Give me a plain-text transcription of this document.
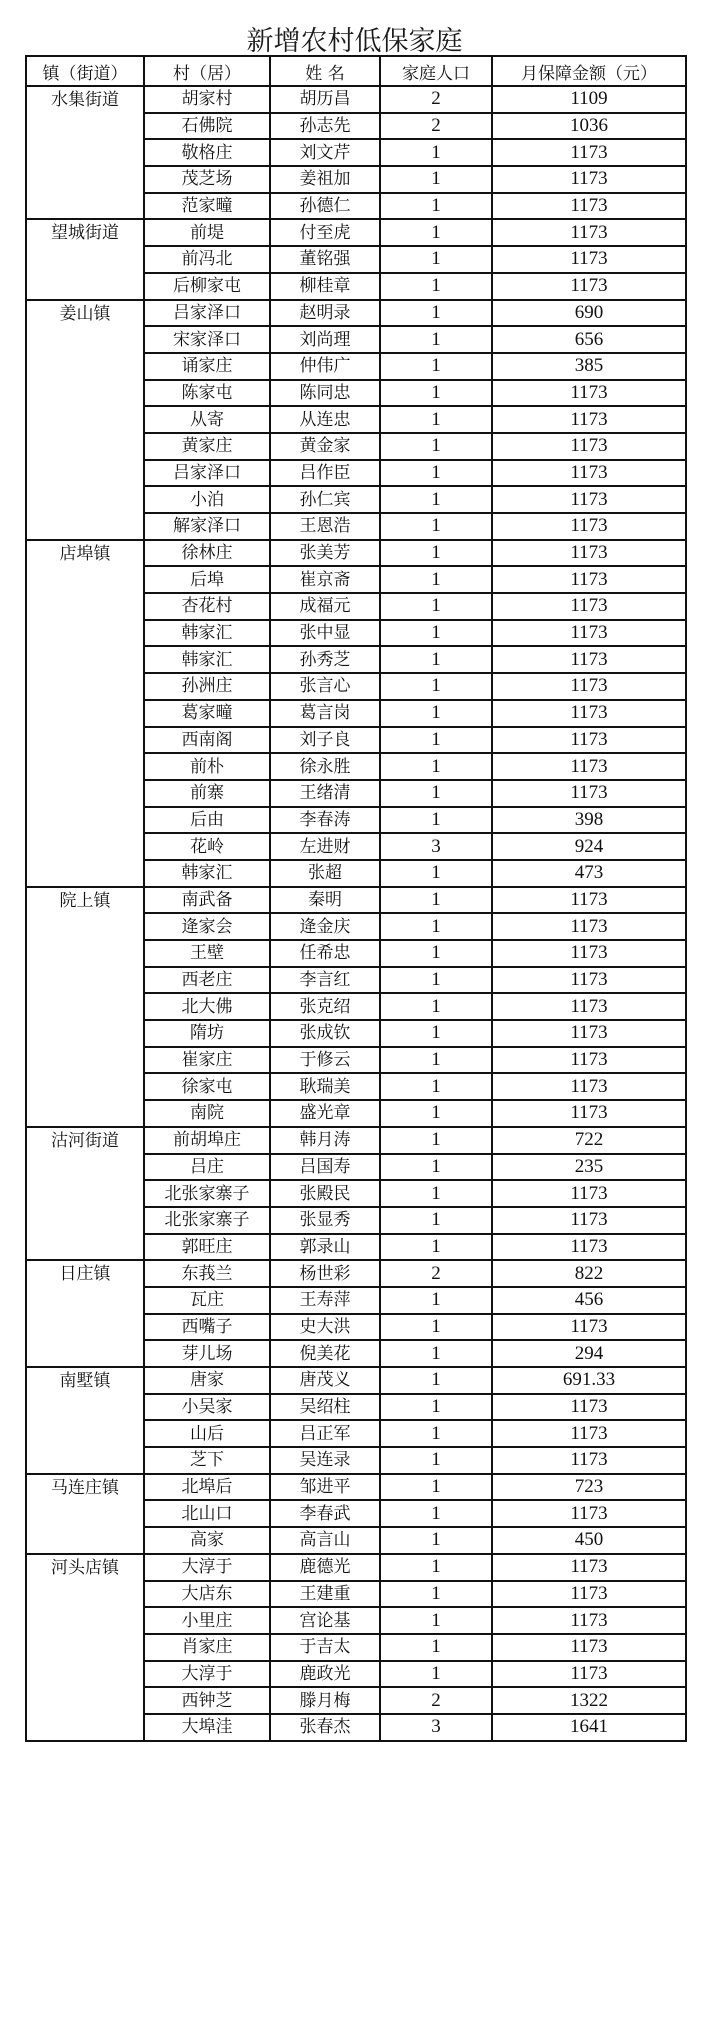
新增农村低保家庭
镇（街道）	村（居）	姓 名	家庭人口	月保障金额（元）
水集街道	胡家村	胡历昌	2	1109
	石佛院	孙志先	2	1036
	敬格庄	刘文芹	1	1173
	茂芝场	姜祖加	1	1173
	范家疃	孙德仁	1	1173
望城街道	前堤	付至虎	1	1173
	前冯北	董铭强	1	1173
	后柳家屯	柳桂章	1	1173
姜山镇	吕家泽口	赵明录	1	690
	宋家泽口	刘尚理	1	656
	诵家庄	仲伟广	1	385
	陈家屯	陈同忠	1	1173
	从寄	从连忠	1	1173
	黄家庄	黄金家	1	1173
	吕家泽口	吕作臣	1	1173
	小泊	孙仁宾	1	1173
	解家泽口	王恩浩	1	1173
店埠镇	徐林庄	张美芳	1	1173
	后埠	崔京斋	1	1173
	杏花村	成福元	1	1173
	韩家汇	张中显	1	1173
	韩家汇	孙秀芝	1	1173
	孙洲庄	张言心	1	1173
	葛家疃	葛言岗	1	1173
	西南阁	刘子良	1	1173
	前朴	徐永胜	1	1173
	前寨	王绪清	1	1173
	后由	李春涛	1	398
	花岭	左进财	3	924
	韩家汇	张超	1	473
院上镇	南武备	秦明	1	1173
	逄家会	逄金庆	1	1173
	王壁	任希忠	1	1173
	西老庄	李言红	1	1173
	北大佛	张克绍	1	1173
	隋坊	张成钦	1	1173
	崔家庄	于修云	1	1173
	徐家屯	耿瑞美	1	1173
	南院	盛光章	1	1173
沽河街道	前胡埠庄	韩月涛	1	722
	吕庄	吕国寿	1	235
	北张家寨子	张殿民	1	1173
	北张家寨子	张显秀	1	1173
	郭旺庄	郭录山	1	1173
日庄镇	东莪兰	杨世彩	2	822
	瓦庄	王寿萍	1	456
	西嘴子	史大洪	1	1173
	芽儿场	倪美花	1	294
南墅镇	唐家	唐茂义	1	691.33
	小吴家	吴绍柱	1	1173
	山后	吕正军	1	1173
	芝下	吴连录	1	1173
马连庄镇	北埠后	邹进平	1	723
	北山口	李春武	1	1173
	高家	高言山	1	450
河头店镇	大淳于	鹿德光	1	1173
	大店东	王建重	1	1173
	小里庄	宫论基	1	1173
	肖家庄	于吉太	1	1173
	大淳于	鹿政光	1	1173
	西钟芝	滕月梅	2	1322
	大埠洼	张春杰	3	1641
